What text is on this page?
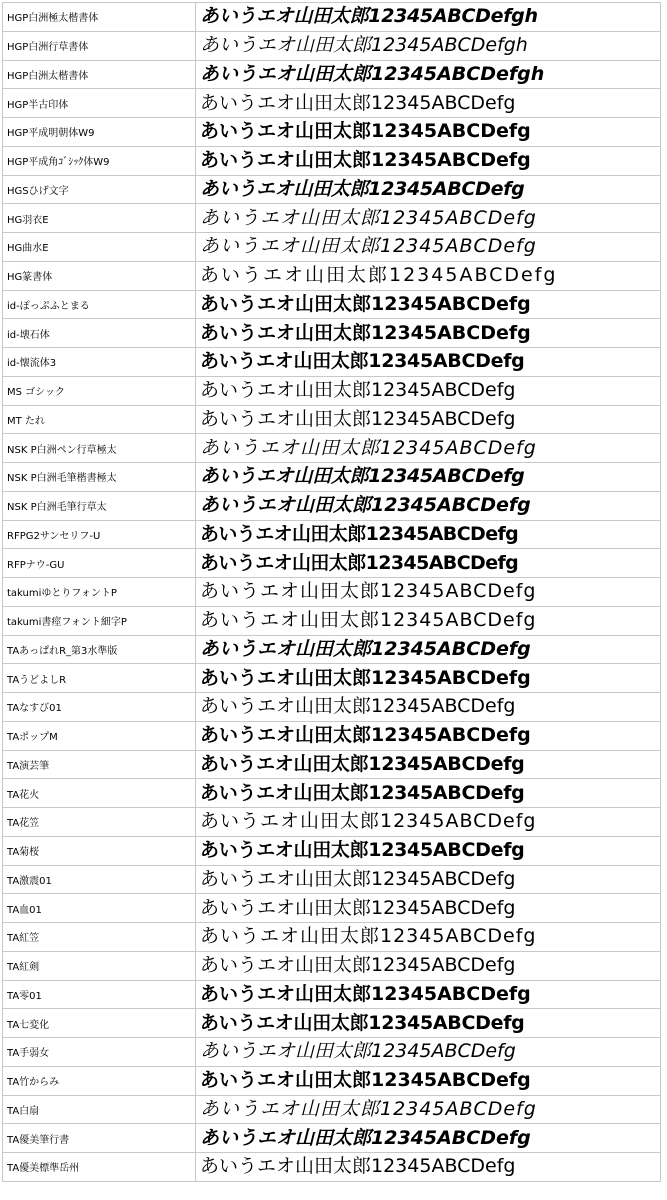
HGP白洲極太楷書体	あいうエオ山田太郎12345ABCDefgh
HGP白洲行草書体	あいうエオ山田太郎12345ABCDefgh
HGP白洲太楷書体	あいうエオ山田太郎12345ABCDefgh
HGP半古印体	あいうエオ山田太郎12345ABCDefg
HGP平成明朝体W9	あいうエオ山田太郎12345ABCDefg
HGP平成角ｺﾞｼｯｸ体W9	あいうエオ山田太郎12345ABCDefg
HGSひげ文字	あいうエオ山田太郎12345ABCDefg
HG羽衣E	あいうエオ山田太郎12345ABCDefg
HG曲水E	あいうエオ山田太郎12345ABCDefg
HG篆書体	あいうエオ山田太郎12345ABCDefg
id-ぽっぷふとまる	あいうエオ山田太郎12345ABCDefg
id-壊石体	あいうエオ山田太郎12345ABCDefg
id-懐流体3	あいうエオ山田太郎12345ABCDefg
MS ゴシック	あいうエオ山田太郎12345ABCDefg
MT たれ	あいうエオ山田太郎12345ABCDefg
NSK P白洲ペン行草極太	あいうエオ山田太郎12345ABCDefg
NSK P白洲毛筆楷書極太	あいうエオ山田太郎12345ABCDefg
NSK P白洲毛筆行草太	あいうエオ山田太郎12345ABCDefg
RFPG2サンセリフ-U	あいうエオ山田太郎12345ABCDefg
RFPナウ-GU	あいうエオ山田太郎12345ABCDefg
takumiゆとりフォントP	あいうエオ山田太郎12345ABCDefg
takumi書痙フォント細字P	あいうエオ山田太郎12345ABCDefg
TAあっぱれR_第3水準版	あいうエオ山田太郎12345ABCDefg
TAうどよしR	あいうエオ山田太郎12345ABCDefg
TAなすび01	あいうエオ山田太郎12345ABCDefg
TAポップM	あいうエオ山田太郎12345ABCDefg
TA演芸筆	あいうエオ山田太郎12345ABCDefg
TA花火	あいうエオ山田太郎12345ABCDefg
TA花笠	あいうエオ山田太郎12345ABCDefg
TA菊桜	あいうエオ山田太郎12345ABCDefg
TA激震01	あいうエオ山田太郎12345ABCDefg
TA血01	あいうエオ山田太郎12345ABCDefg
TA紅笠	あいうエオ山田太郎12345ABCDefg
TA紅剣	あいうエオ山田太郎12345ABCDefg
TA零01	あいうエオ山田太郎12345ABCDefg
TA七変化	あいうエオ山田太郎12345ABCDefg
TA手弱女	あいうエオ山田太郎12345ABCDefg
TA竹からみ	あいうエオ山田太郎12345ABCDefg
TA白扇	あいうエオ山田太郎12345ABCDefg
TA優美筆行書	あいうエオ山田太郎12345ABCDefg
TA優美標準岳州	あいうエオ山田太郎12345ABCDefg
